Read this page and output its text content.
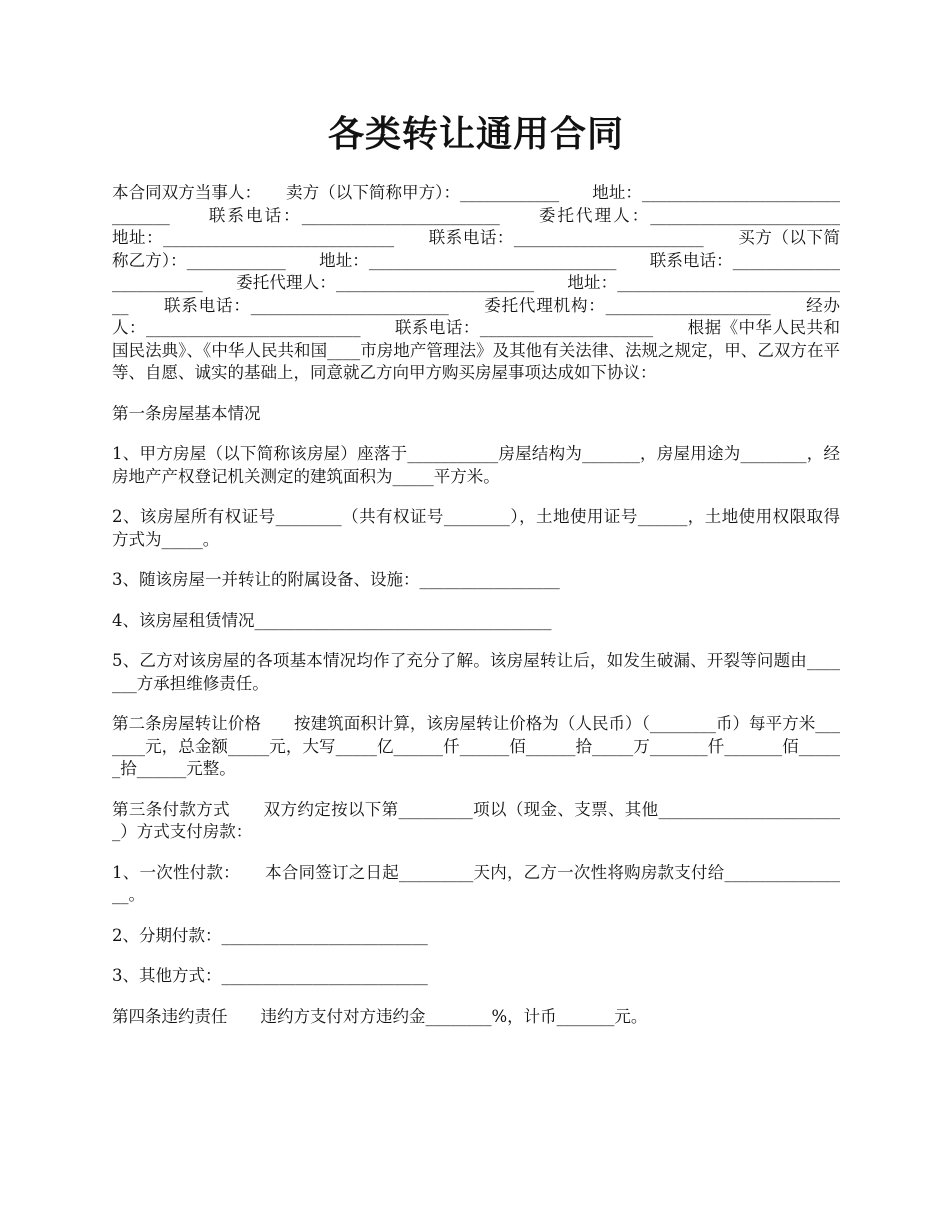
各类转让通用合同

本合同双方当事人：　　卖方（以下简称甲方）：____________　　地址：_______________________________　　联系电话：________________________　　委托代理人：_______________________　　地址：____________________________　　联系电话：_______________________　　买方（以下简称乙方）：____________　　地址：______________________________　　联系电话：________________________　　委托代理人：________________________　　地址：_____________________________　　联系电话：________________________　　委托代理机构：____________________　　经办人：__________________________　　联系电话：_____________________　　根据《中华人民共和国民法典》、《中华人民共和国____市房地产管理法》及其他有关法律、法规之规定，甲、乙双方在平等、自愿、诚实的基础上，同意就乙方向甲方购买房屋事项达成如下协议：

第一条房屋基本情况

1、甲方房屋（以下简称该房屋）座落于___________房屋结构为_______，房屋用途为________，经房地产产权登记机关测定的建筑面积为_____平方米。

2、该房屋所有权证号________（共有权证号________），土地使用证号______，土地使用权限取得方式为_____。

3、随该房屋一并转让的附属设备、设施：_________________

4、该房屋租赁情况____________________________________

5、乙方对该房屋的各项基本情况均作了充分了解。该房屋转让后，如发生破漏、开裂等问题由_______方承担维修责任。

第二条房屋转让价格　　按建筑面积计算，该房屋转让价格为（人民币）（________币）每平方米_______元，总金额_____元，大写_____亿______仟______佰______拾_____万_______仟_______佰______拾______元整。

第三条付款方式　　双方约定按以下第_________项以（现金、支票、其他_______________________）方式支付房款：

1、一次性付款：　　本合同签订之日起_________天内，乙方一次性将购房款支付给________________。

2、分期付款：_________________________

3、其他方式：_________________________

第四条违约责任　　违约方支付对方违约金________%，计币_______元。
